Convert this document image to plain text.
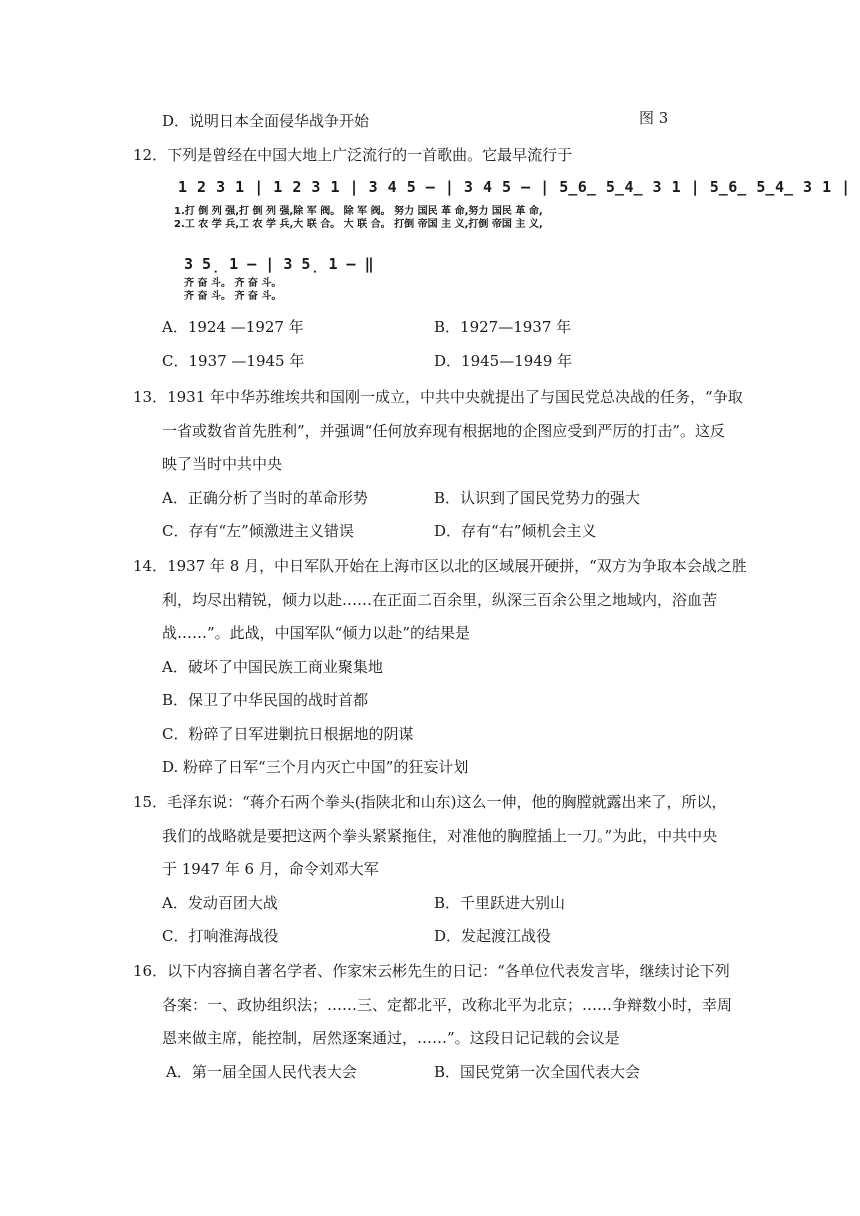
D．说明日本全面侵华战争开始	图 3
12．下列是曾经在中国大地上广泛流行的一首歌曲。它最早流行于
1 2 3 1 | 1 2 3 1 | 3 4 5 – | 3 4 5 – | 5̲6̲ 5̲4̲ 3 1 | 5̲6̲ 5̲4̲ 3 1 |
1.打 倒 列 强,打 倒 列 强,除 军 阀。 除 军 阀。 努力 国民 革 命,努力 国民 革 命,
2.工 农 学 兵,工 农 学 兵,大 联 合。 大 联 合。 打倒 帝国 主 义,打倒 帝国 主 义,
3 5̣ 1 – | 3 5̣ 1 – ‖
齐 奋 斗。 齐 奋 斗。
齐 奋 斗。 齐 奋 斗。
A．1924 —1927 年	B．1927—1937 年
C．1937 —1945 年	D．1945—1949 年
13．1931 年中华苏维埃共和国刚一成立，中共中央就提出了与国民党总决战的任务，“争取
一省或数省首先胜利”，并强调“任何放弃现有根据地的企图应受到严厉的打击”。这反
映了当时中共中央
A．正确分析了当时的革命形势	B．认识到了国民党势力的强大
C．存有“左”倾激进主义错误	D．存有“右”倾机会主义
14．1937 年 8 月，中日军队开始在上海市区以北的区域展开硬拼，“双方为争取本会战之胜
利，均尽出精锐，倾力以赴……在正面二百余里，纵深三百余公里之地域内，浴血苦
战……”。此战，中国军队“倾力以赴”的结果是
A．破坏了中国民族工商业聚集地
B．保卫了中华民国的战时首都
C．粉碎了日军进剿抗日根据地的阴谋
D. 粉碎了日军“三个月内灭亡中国”的狂妄计划
15．毛泽东说：“蒋介石两个拳头(指陕北和山东)这么一伸，他的胸膛就露出来了，所以，
我们的战略就是要把这两个拳头紧紧拖住，对准他的胸膛插上一刀。”为此，中共中央
于 1947 年 6 月，命令刘邓大军
A．发动百团大战	B．千里跃进大别山
C．打响淮海战役	D．发起渡江战役
16．以下内容摘自著名学者、作家宋云彬先生的日记：“各单位代表发言毕，继续讨论下列
各案：一、政协组织法；……三、定都北平，改称北平为北京；……争辩数小时，幸周
恩来做主席，能控制，居然逐案通过，……”。这段日记记载的会议是
A．第一届全国人民代表大会	B．国民党第一次全国代表大会
